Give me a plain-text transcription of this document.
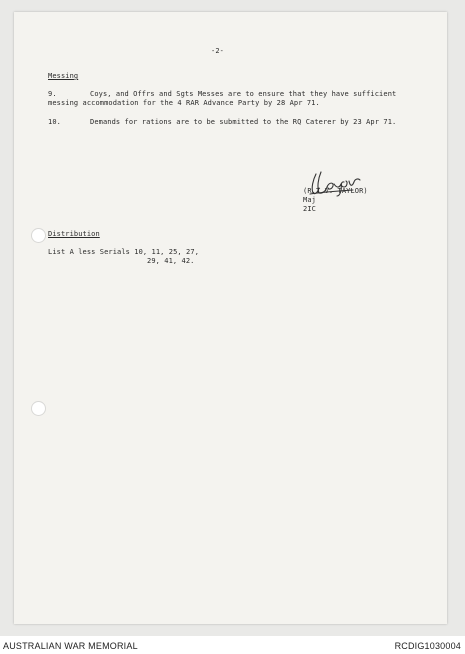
-2-
Messing
9.	Coys, and Offrs and Sgts Messes are to ensure that they have sufficient
messing accommodation for the 4 RAR Advance Party by 28 Apr 71.
10.	Demands for rations are to be submitted to the RQ Caterer by 23 Apr 71.
(R.T.V. TAYLOR)
Maj
2IC
Distribution
List A less Serials 10, 11, 25, 27,
29, 41, 42.
AUSTRALIAN WAR MEMORIAL	RCDIG1030004
